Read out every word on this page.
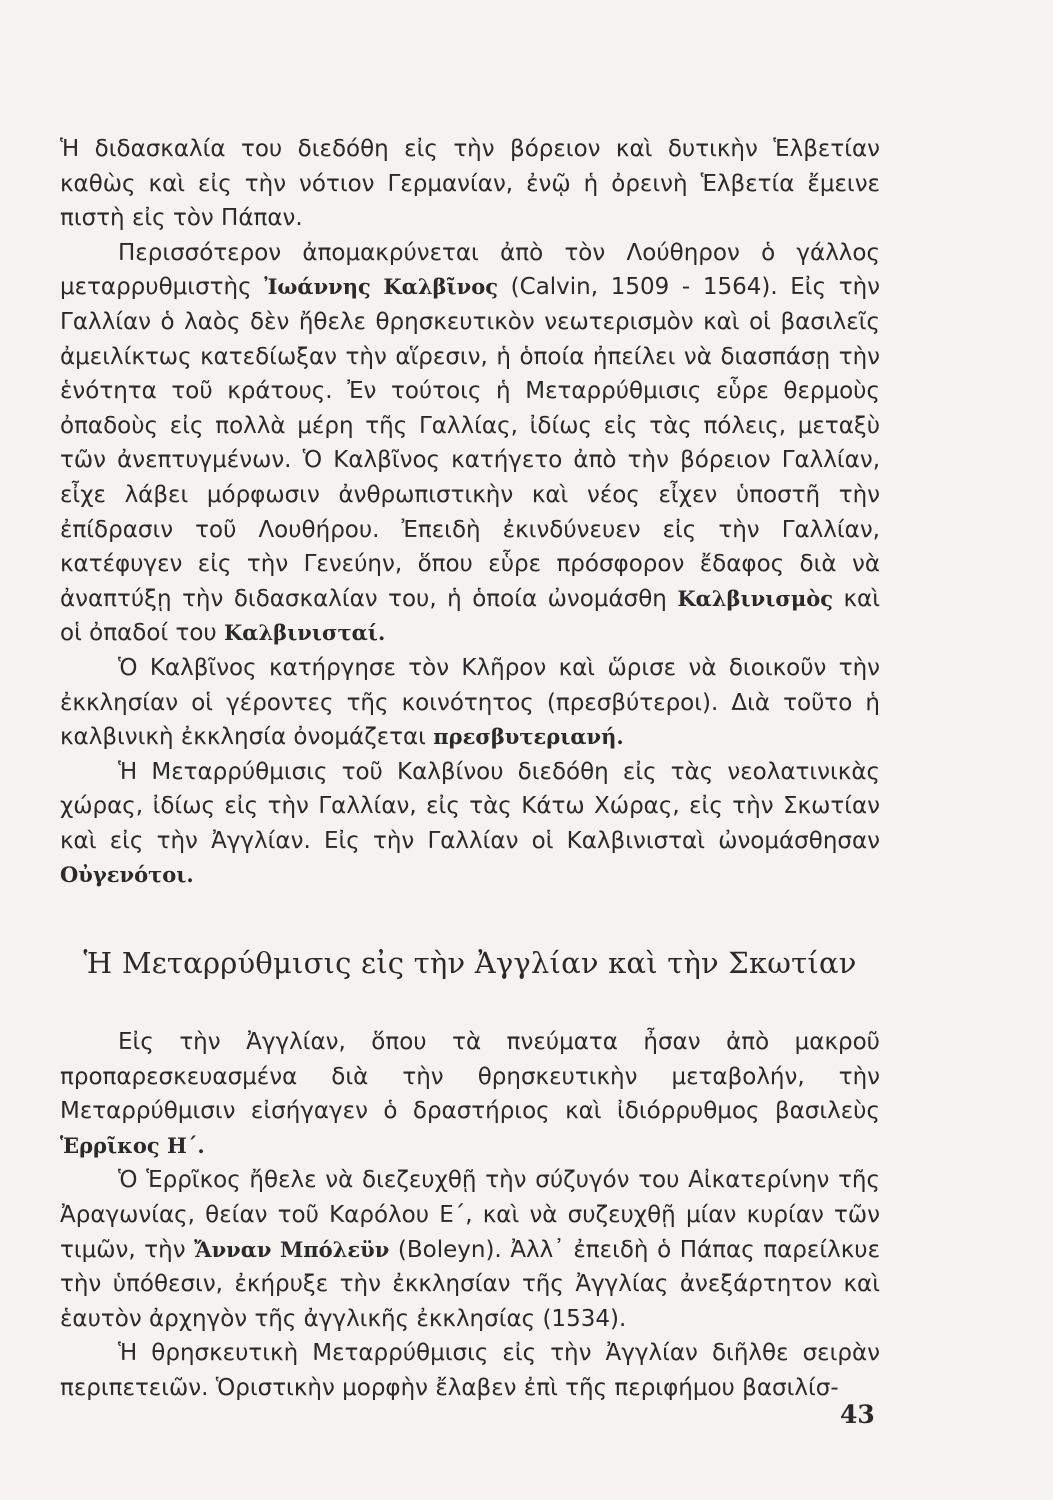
Ἡ διδασκαλία του διεδόθη εἰς τὴν βόρειον καὶ δυτικὴν Ἑλβετίαν καθὼς καὶ εἰς τὴν νότιον Γερμανίαν, ἐνῷ ἡ ὀρεινὴ Ἑλβετία ἔμεινε πιστὴ εἰς τὸν Πάπαν.

Περισσότερον ἀπομακρύνεται ἀπὸ τὸν Λούθηρον ὁ γάλλος μεταρρυθμιστὴς Ἰωάννης Καλβῖνος (Calvin, 1509 - 1564). Εἰς τὴν Γαλλίαν ὁ λαὸς δὲν ἤθελε θρησκευτικὸν νεωτερισμὸν καὶ οἱ βασιλεῖς ἀμειλίκτως κατεδίωξαν τὴν αἵρεσιν, ἡ ὁποία ἠπείλει νὰ διασπάσῃ τὴν ἑνότητα τοῦ κράτους. Ἐν τούτοις ἡ Μεταρρύθμισις εὗρε θερμοὺς ὀπαδοὺς εἰς πολλὰ μέρη τῆς Γαλλίας, ἰδίως εἰς τὰς πόλεις, μεταξὺ τῶν ἀνεπτυγμένων. Ὁ Καλβῖνος κατήγετο ἀπὸ τὴν βόρειον Γαλλίαν, εἶχε λάβει μόρφωσιν ἀνθρωπιστικὴν καὶ νέος εἶχεν ὑποστῆ τὴν ἐπίδρασιν τοῦ Λουθήρου. Ἐπειδὴ ἐκινδύνευεν εἰς τὴν Γαλλίαν, κατέφυγεν εἰς τὴν Γενεύην, ὅπου εὗρε πρόσφορον ἔδαφος διὰ νὰ ἀναπτύξῃ τὴν διδασκαλίαν του, ἡ ὁποία ὠνομάσθη Καλβινισμὸς καὶ οἱ ὀπαδοί του Καλβινισταί.

Ὁ Καλβῖνος κατήργησε τὸν Κλῆρον καὶ ὥρισε νὰ διοικοῦν τὴν ἐκκλησίαν οἱ γέροντες τῆς κοινότητος (πρεσβύτεροι). Διὰ τοῦτο ἡ καλβινικὴ ἐκκλησία ὀνομάζεται πρεσβυτεριανή.

Ἡ Μεταρρύθμισις τοῦ Καλβίνου διεδόθη εἰς τὰς νεολατινικὰς χώρας, ἰδίως εἰς τὴν Γαλλίαν, εἰς τὰς Κάτω Χώρας, εἰς τὴν Σκωτίαν καὶ εἰς τὴν Ἀγγλίαν. Εἰς τὴν Γαλλίαν οἱ Καλβινισταὶ ὠνομάσθησαν Οὐγενότοι.

Ἡ Μεταρρύθμισις εἰς τὴν Ἀγγλίαν καὶ τὴν Σκωτίαν

Εἰς τὴν Ἀγγλίαν, ὅπου τὰ πνεύματα ἦσαν ἀπὸ μακροῦ προπαρεσκευασμένα διὰ τὴν θρησκευτικὴν μεταβολήν, τὴν Μεταρρύθμισιν εἰσήγαγεν ὁ δραστήριος καὶ ἰδιόρρυθμος βασιλεὺς Ἑρρῖκος Η΄.

Ὁ Ἑρρῖκος ἤθελε νὰ διεζευχθῇ τὴν σύζυγόν του Αἰκατερίνην τῆς Ἀραγωνίας, θείαν τοῦ Καρόλου Ε΄, καὶ νὰ συζευχθῇ μίαν κυρίαν τῶν τιμῶν, τὴν Ἄνναν Μπόλεϋν (Boleyn). Ἀλλ᾿ ἐπειδὴ ὁ Πάπας παρείλκυε τὴν ὑπόθεσιν, ἐκήρυξε τὴν ἐκκλησίαν τῆς Ἀγγλίας ἀνεξάρτητον καὶ ἑαυτὸν ἀρχηγὸν τῆς ἀγγλικῆς ἐκκλησίας (1534).

Ἡ θρησκευτικὴ Μεταρρύθμισις εἰς τὴν Ἀγγλίαν διῆλθε σειρὰν περιπετειῶν. Ὁριστικὴν μορφὴν ἔλαβεν ἐπὶ τῆς περιφήμου βασιλίσ-

43
